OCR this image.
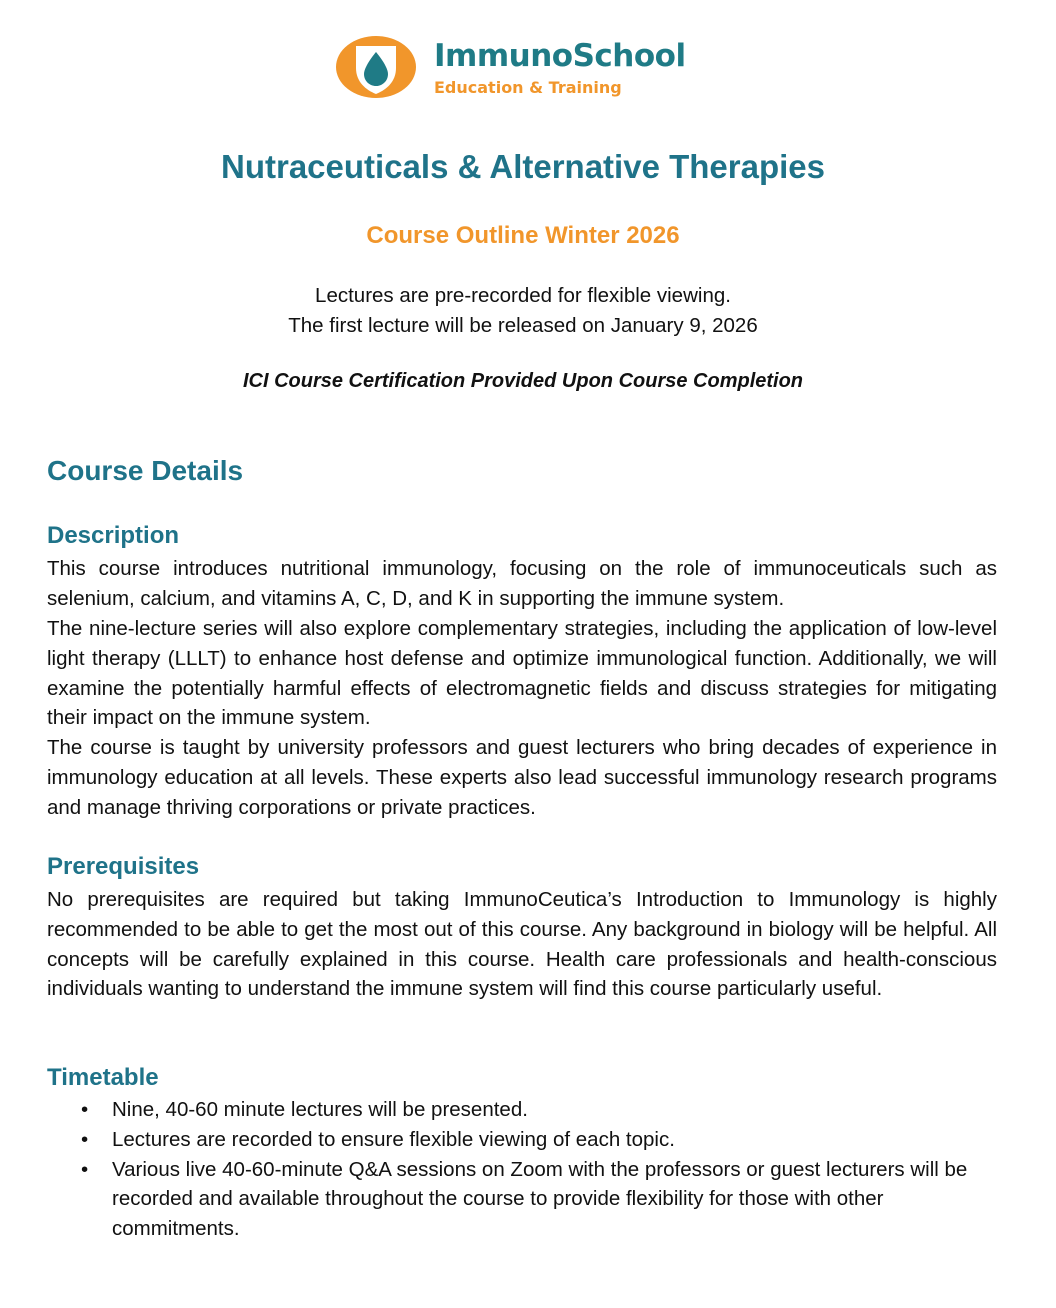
ImmunoSchool
Education & Training
Nutraceuticals & Alternative Therapies
Course Outline Winter 2026
Lectures are pre-recorded for flexible viewing.
The first lecture will be released on January 9, 2026
ICI Course Certification Provided Upon Course Completion
Course Details
Description

This course introduces nutritional immunology, focusing on the role of immunoceuticals such as selenium, calcium, and vitamins A, C, D, and K in supporting the immune system.

The nine-lecture series will also explore complementary strategies, including the application of low-level light therapy (LLLT) to enhance host defense and optimize immunological function. Additionally, we will examine the potentially harmful effects of electromagnetic fields and discuss strategies for mitigating their impact on the immune system.

The course is taught by university professors and guest lecturers who bring decades of experience in immunology education at all levels. These experts also lead successful immunology research programs and manage thriving corporations or private practices.

Prerequisites

No prerequisites are required but taking ImmunoCeutica’s Introduction to Immunology is highly recommended to be able to get the most out of this course. Any background in biology will be helpful. All concepts will be carefully explained in this course. Health care professionals and health-conscious individuals wanting to understand the immune system will find this course particularly useful.

Timetable
• Nine, 40-60 minute lectures will be presented.
• Lectures are recorded to ensure flexible viewing of each topic.
• Various live 40-60-minute Q&A sessions on Zoom with the professors or guest lecturers will be recorded and available throughout the course to provide flexibility for those with other commitments.
